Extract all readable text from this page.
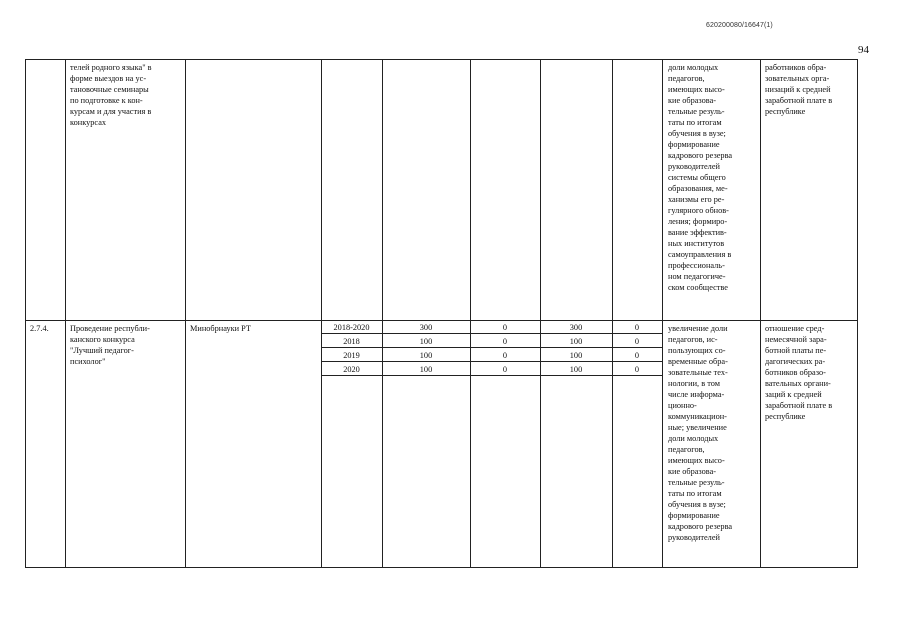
620200080/16647(1)
94
телей родного языка" в
форме выездов на ус-
тановочные семинары
по подготовке к кон-
курсам и для участия в
конкурсах
доли молодых
педагогов,
имеющих высо-
кие образова-
тельные резуль-
таты по итогам
обучения в вузе;
формирование
кадрового резерва
руководителей
системы общего
образования, ме-
ханизмы его ре-
гулярного обнов-
ления; формиро-
вание эффектив-
ных институтов
самоуправления в
профессиональ-
ном педагогиче-
ском сообществе
работников обра-
зовательных орга-
низаций к средней
заработной плате в
республике
2.7.4.	Проведение республи-
канского конкурса
"Лучший педагог-
психолог"
Минобрнауки РТ	2018-2020
2018
2019
2020
300
100
100
100
0
0
0
0
300
100
100
100
0
0
0
0
увеличение доли
педагогов, ис-
пользующих со-
временные обра-
зовательные тех-
нологии, в том
числе информа-
ционно-
коммуникацион-
ные; увеличение
доли молодых
педагогов,
имеющих высо-
кие образова-
тельные резуль-
таты по итогам
обучения в вузе;
формирование
кадрового резерва
руководителей
отношение сред-
немесячной зара-
ботной платы пе-
дагогических ра-
ботников образо-
вательных органи-
заций к средней
заработной плате в
республике
